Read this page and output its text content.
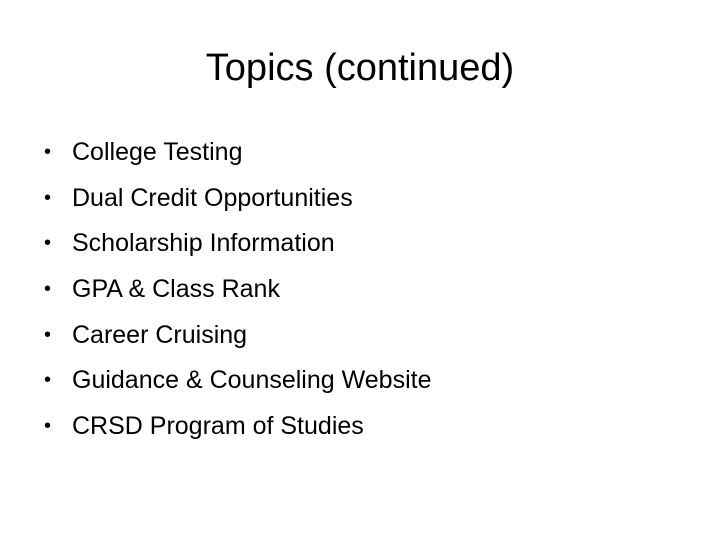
Topics (continued)
• College Testing
• Dual Credit Opportunities
• Scholarship Information
• GPA & Class Rank
• Career Cruising
• Guidance & Counseling Website
• CRSD Program of Studies
